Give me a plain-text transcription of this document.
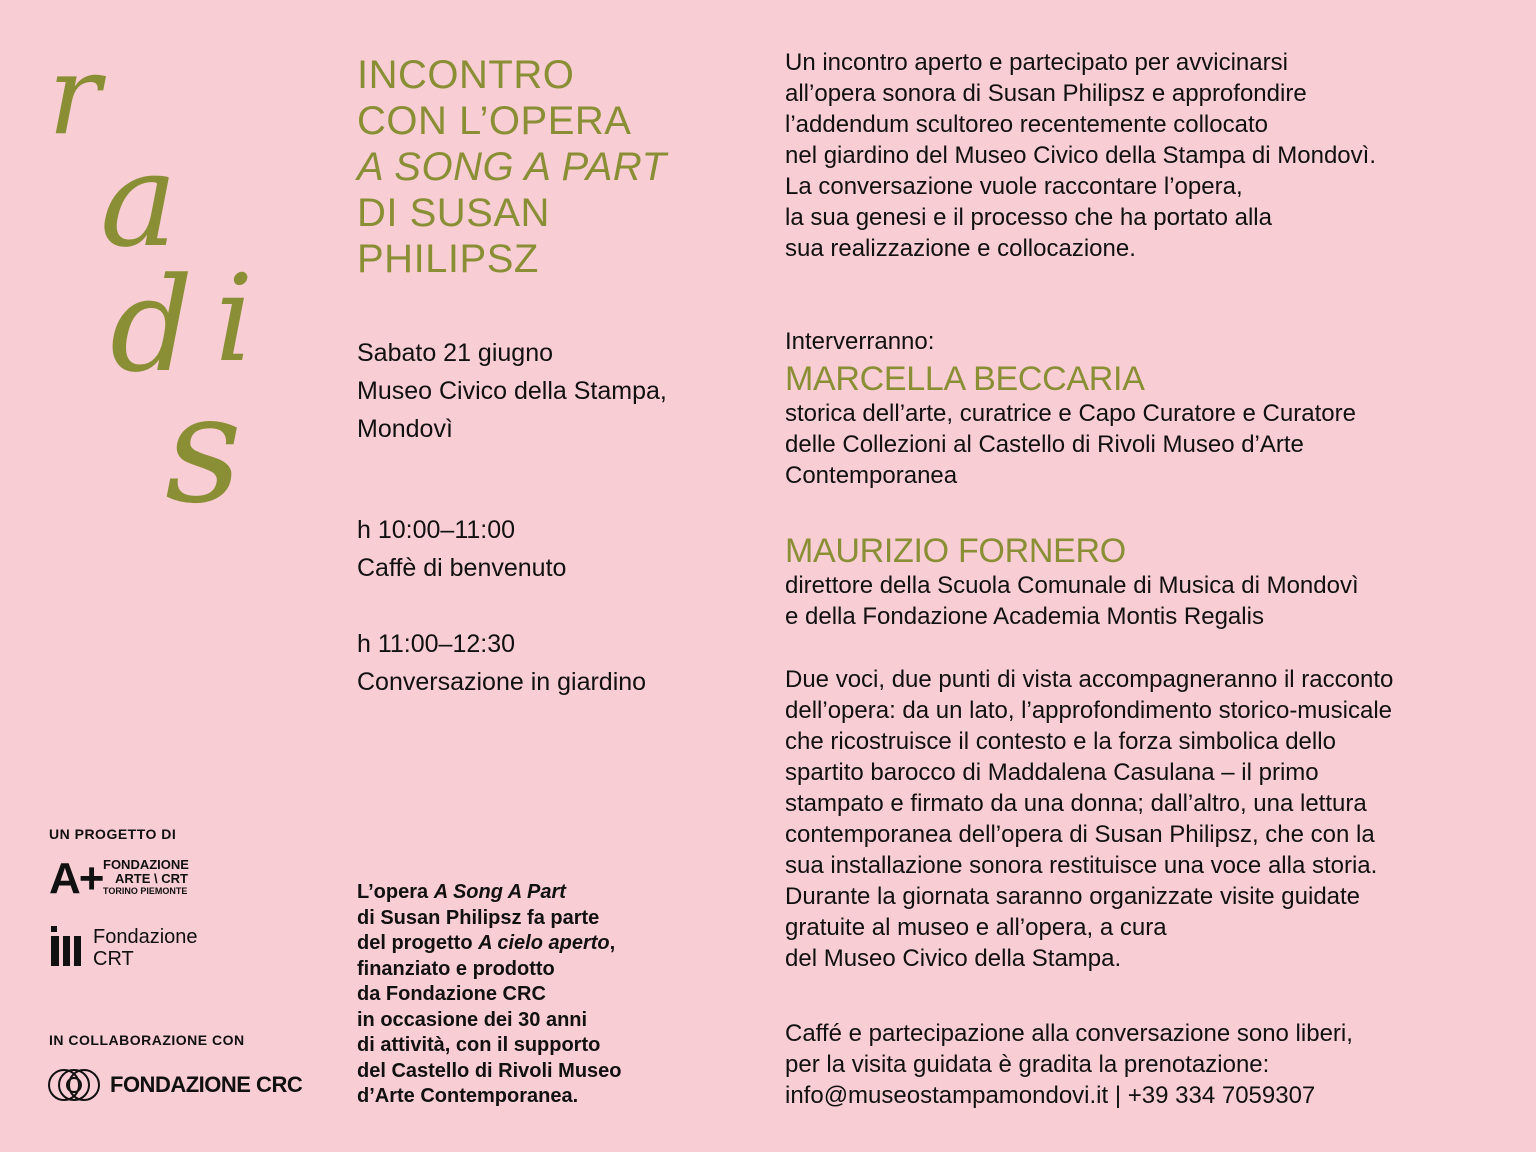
r
a
d i
s
INCONTRO
CON L’OPERA
A SONG A PART
DI SUSAN
PHILIPSZ
Sabato 21 giugno
Museo Civico della Stampa,
Mondovì
h 10:00–11:00
Caffè di benvenuto
h 11:00–12:30
Conversazione in giardino
L’opera A Song A Part
di Susan Philipsz fa parte
del progetto A cielo aperto,
finanziato e prodotto
da Fondazione CRC
in occasione dei 30 anni
di attività, con il supporto
del Castello di Rivoli Museo
d’Arte Contemporanea.
Un incontro aperto e partecipato per avvicinarsi
all’opera sonora di Susan Philipsz e approfondire
l’addendum scultoreo recentemente collocato
nel giardino del Museo Civico della Stampa di Mondovì.
La conversazione vuole raccontare l’opera,
la sua genesi e il processo che ha portato alla
sua realizzazione e collocazione.
Interverranno:
MARCELLA BECCARIA
storica dell’arte, curatrice e Capo Curatore e Curatore
delle Collezioni al Castello di Rivoli Museo d’Arte
Contemporanea
MAURIZIO FORNERO
direttore della Scuola Comunale di Musica di Mondovì
e della Fondazione Academia Montis Regalis
Due voci, due punti di vista accompagneranno il racconto
dell’opera: da un lato, l’approfondimento storico-musicale
che ricostruisce il contesto e la forza simbolica dello
spartito barocco di Maddalena Casulana – il primo
stampato e firmato da una donna; dall’altro, una lettura
contemporanea dell’opera di Susan Philipsz, che con la
sua installazione sonora restituisce una voce alla storia.
Durante la giornata saranno organizzate visite guidate
gratuite al museo e all’opera, a cura
del Museo Civico della Stampa.
Caffé e partecipazione alla conversazione sono liberi,
per la visita guidata è gradita la prenotazione:
info@museostampamondovi.it | +39 334 7059307
UN PROGETTO DI
A+ FONDAZIONE
ARTE \ CRT
TORINO PIEMONTE
Fondazione
CRT
IN COLLABORAZIONE CON
FONDAZIONE CRC
